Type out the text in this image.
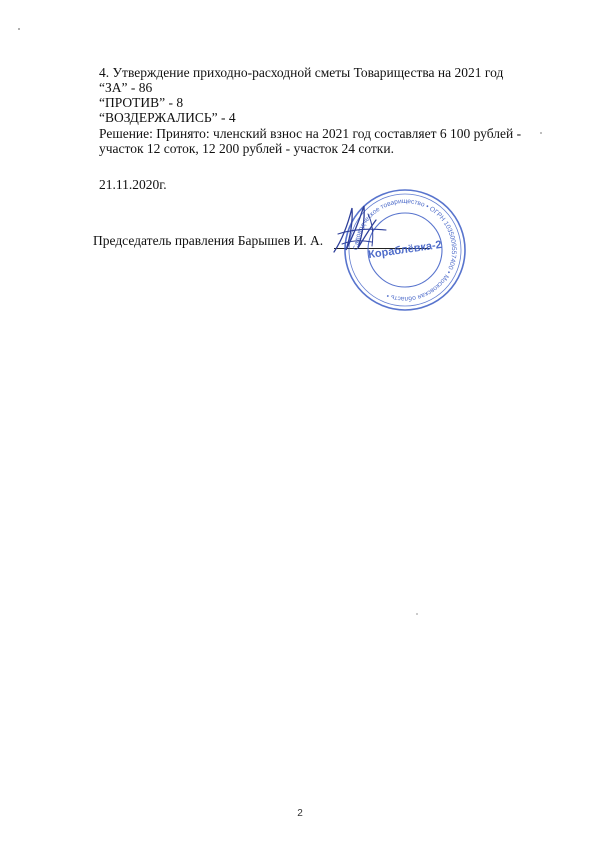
4. Утверждение приходно-расходной сметы Товарищества на 2021 год
“ЗА” - 86
“ПРОТИВ” - 8
“ВОЗДЕРЖАЛИСЬ” - 4
Решение: Принято: членский взнос на 2021 год составляет 6 100 рублей -
участок 12 соток, 12 200 рублей - участок 24 сотки.
21.11.2020г.
Председатель правления Барышев И. А.	Садоводческое товарищество • ОГРН 1035009557400 • Московская область •
Кораблёвка-2
2
